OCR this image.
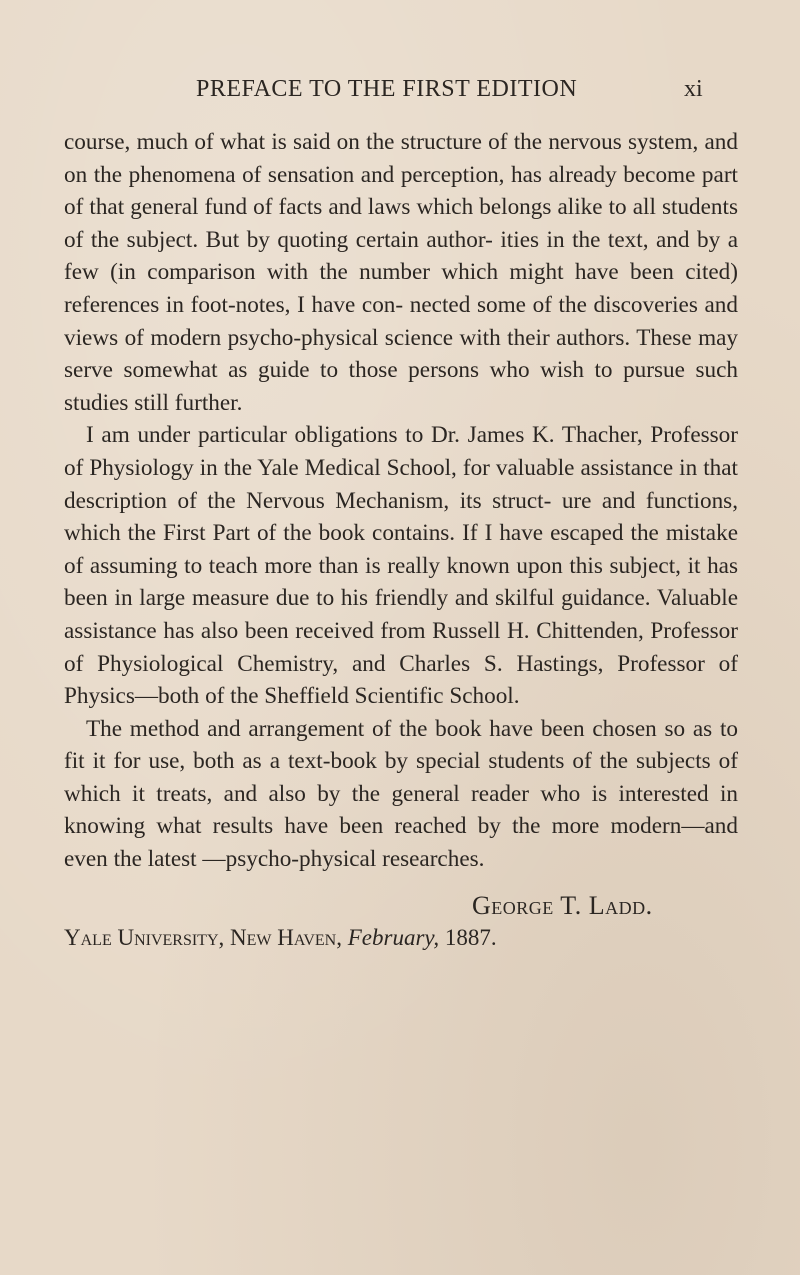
PREFACE TO THE FIRST EDITION	xi

course, much of what is said on the structure of the nervous system, and on the phenomena of sensation and perception, has already become part of that general fund of facts and laws which belongs alike to all students of the subject. But by quoting certain author- ities in the text, and by a few (in comparison with the number which might have been cited) references in foot-notes, I have con- nected some of the discoveries and views of modern psycho-physical science with their authors. These may serve somewhat as guide to those persons who wish to pursue such studies still further.

I am under particular obligations to Dr. James K. Thacher, Professor of Physiology in the Yale Medical School, for valuable assistance in that description of the Nervous Mechanism, its struct- ure and functions, which the First Part of the book contains. If I have escaped the mistake of assuming to teach more than is really known upon this subject, it has been in large measure due to his friendly and skilful guidance. Valuable assistance has also been received from Russell H. Chittenden, Professor of Physiological Chemistry, and Charles S. Hastings, Professor of Physics—both of the Sheffield Scientific School.

The method and arrangement of the book have been chosen so as to fit it for use, both as a text-book by special students of the subjects of which it treats, and also by the general reader who is interested in knowing what results have been reached by the more modern—and even the latest —psycho-physical researches.

George T. Ladd.
Yale University, New Haven, February, 1887.
